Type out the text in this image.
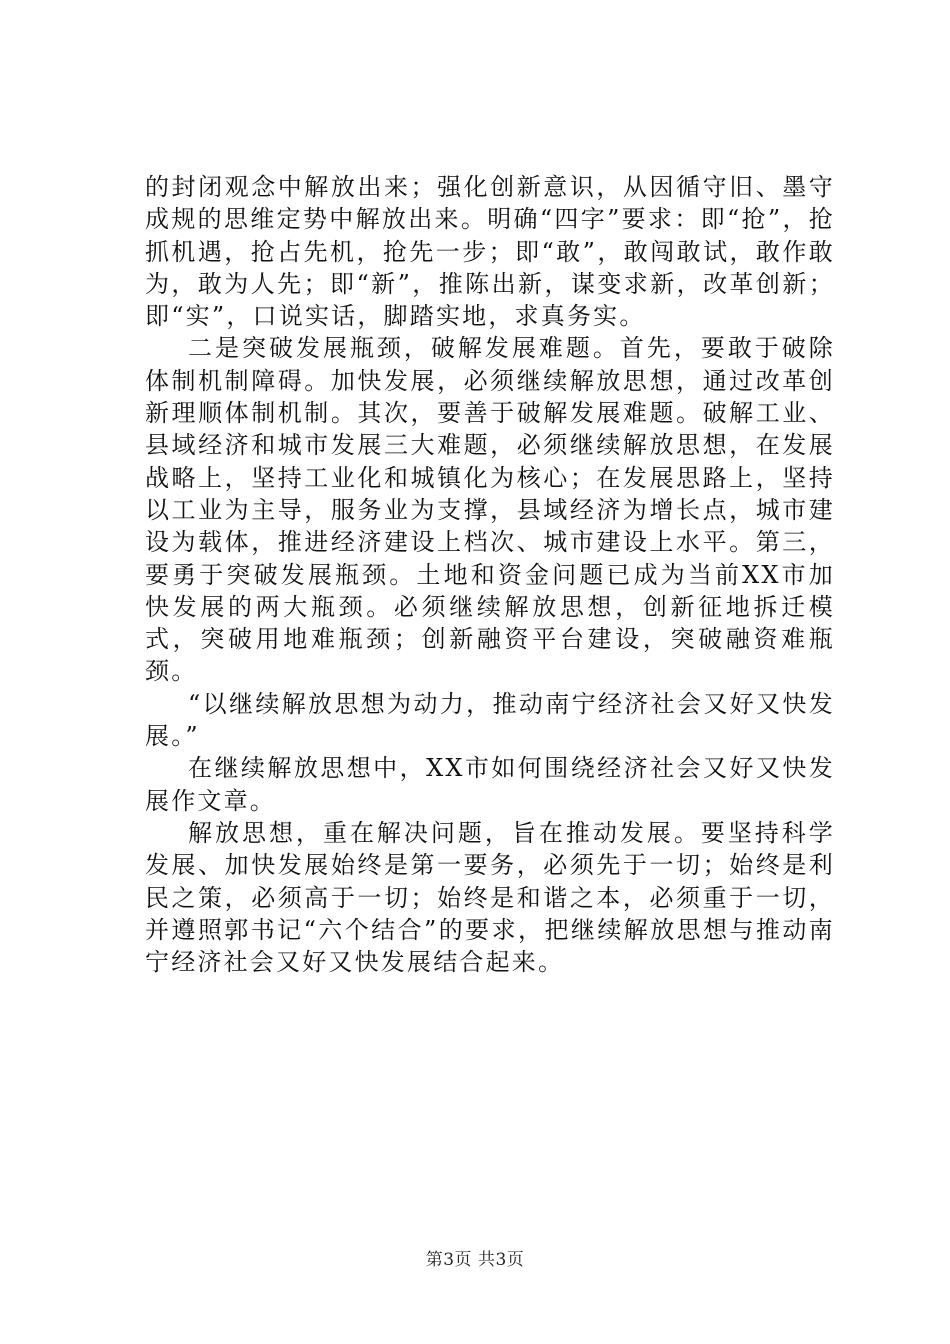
的封闭观念中解放出来；强化创新意识，从因循守旧、墨守成规的思维定势中解放出来。明确“四字”要求：即“抢”，抢抓机遇，抢占先机，抢先一步；即“敢”，敢闯敢试，敢作敢为，敢为人先；即“新”，推陈出新，谋变求新，改革创新；即“实”，口说实话，脚踏实地，求真务实。

二是突破发展瓶颈，破解发展难题。首先，要敢于破除体制机制障碍。加快发展，必须继续解放思想，通过改革创新理顺体制机制。其次，要善于破解发展难题。破解工业、县域经济和城市发展三大难题，必须继续解放思想，在发展战略上，坚持工业化和城镇化为核心；在发展思路上，坚持以工业为主导，服务业为支撑，县域经济为增长点，城市建设为载体，推进经济建设上档次、城市建设上水平。第三，要勇于突破发展瓶颈。土地和资金问题已成为当前XX市加快发展的两大瓶颈。必须继续解放思想，创新征地拆迁模式，突破用地难瓶颈；创新融资平台建设，突破融资难瓶颈。

“以继续解放思想为动力，推动南宁经济社会又好又快发展。”

在继续解放思想中，XX市如何围绕经济社会又好又快发展作文章。

解放思想，重在解决问题，旨在推动发展。要坚持科学发展、加快发展始终是第一要务，必须先于一切；始终是利民之策，必须高于一切；始终是和谐之本，必须重于一切，并遵照郭书记“六个结合”的要求，把继续解放思想与推动南宁经济社会又好又快发展结合起来。

第3页 共3页
